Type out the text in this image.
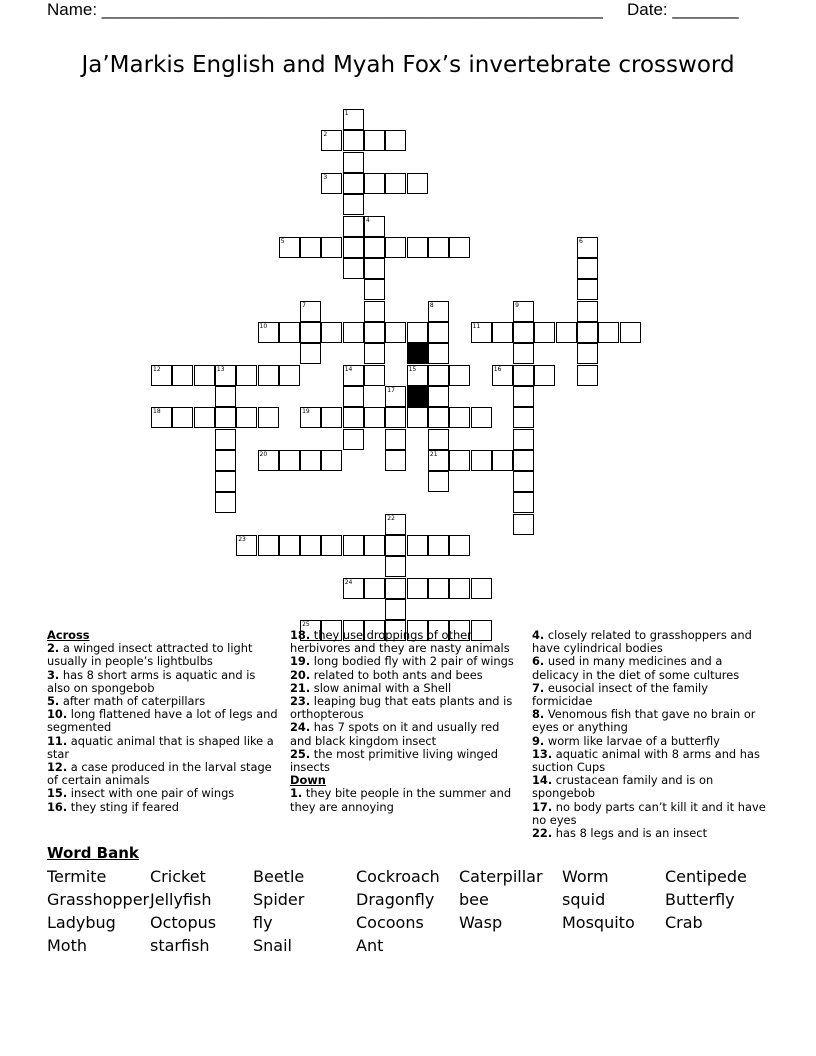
Name: _____________________________________________________ Date: _______
Ja’Markis English and Myah Fox’s invertebrate crossword
1
2
3
4
5	6
7	8
21
9
10	11
12	13	14	15	16
17
18	19
20
22
23
24
25
Across
2. a winged insect attracted to light usually in people’s lightbulbs
3. has 8 short arms is aquatic and is also on spongebob
5. after math of caterpillars
10. long flattened have a lot of legs and segmented
11. aquatic animal that is shaped like a star
12. a case produced in the larval stage of certain animals
15. insect with one pair of wings
16. they sting if feared
18. they use droppings of other herbivores and they are nasty animals
19. long bodied fly with 2 pair of wings
20. related to both ants and bees
21. slow animal with a Shell
23. leaping bug that eats plants and is orthopterous
24. has 7 spots on it and usually red and black kingdom insect
25. the most primitive living winged insects
Down
1. they bite people in the summer and they are annoying
4. closely related to grasshoppers and have cylindrical bodies
6. used in many medicines and a delicacy in the diet of some cultures
7. eusocial insect of the family formicidae
8. Venomous fish that gave no brain or eyes or anything
9. worm like larvae of a butterfly
13. aquatic animal with 8 arms and has suction Cups
14. crustacean family and is on spongebob
17. no body parts can’t kill it and it have no eyes
22. has 8 legs and is an insect
Word Bank
Termite	Cricket	Beetle	Cockroach	Caterpillar	Worm	Centipede
Grasshopper Jellyfish	Spider	Dragonfly	bee	squid	Butterfly
Ladybug	Octopus	fly	Cocoons	Wasp	Mosquito	Crab
Moth	starfish	Snail	Ant
